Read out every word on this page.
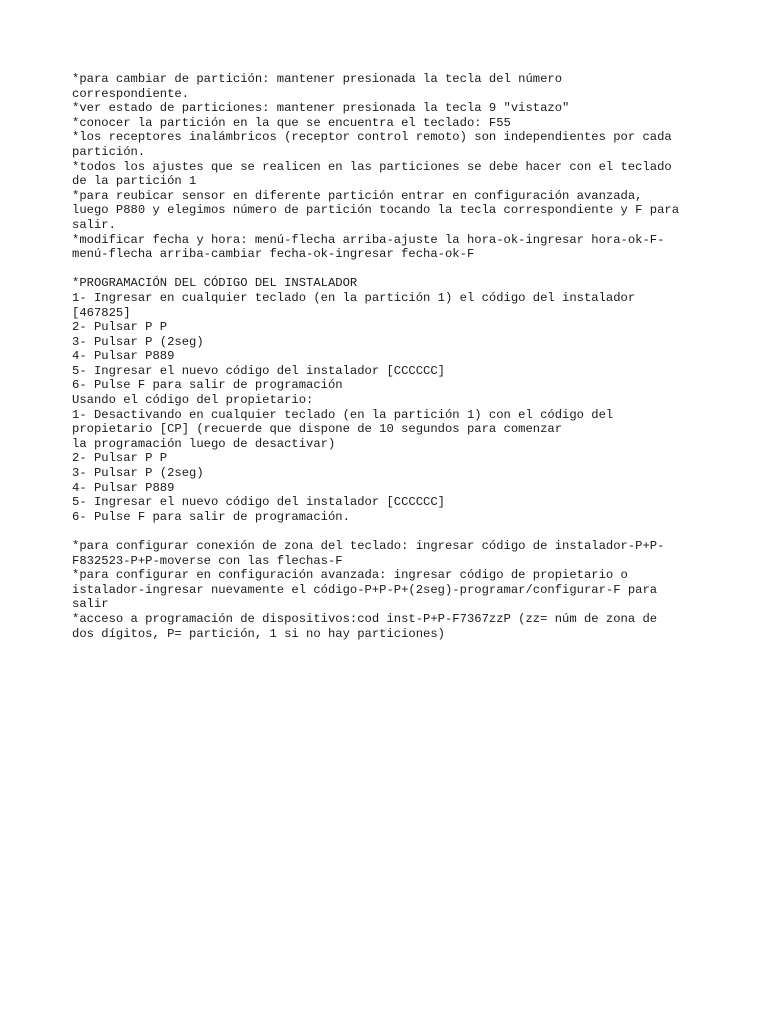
*para cambiar de partición: mantener presionada la tecla del número
correspondiente.
*ver estado de particiones: mantener presionada la tecla 9 "vistazo"
*conocer la partición en la que se encuentra el teclado: F55
*los receptores inalámbricos (receptor control remoto) son independientes por cada
partición.
*todos los ajustes que se realicen en las particiones se debe hacer con el teclado
de la partición 1
*para reubicar sensor en diferente partición entrar en configuración avanzada,
luego P880 y elegimos número de partición tocando la tecla correspondiente y F para
salir.
*modificar fecha y hora: menú-flecha arriba-ajuste la hora-ok-ingresar hora-ok-F-
menú-flecha arriba-cambiar fecha-ok-ingresar fecha-ok-F
*PROGRAMACIÓN DEL CÓDIGO DEL INSTALADOR
1- Ingresar en cualquier teclado (en la partición 1) el código del instalador
[467825]
2- Pulsar P P
3- Pulsar P (2seg)
4- Pulsar P889
5- Ingresar el nuevo código del instalador [CCCCCC]
6- Pulse F para salir de programación
Usando el código del propietario:
1- Desactivando en cualquier teclado (en la partición 1) con el código del
propietario [CP] (recuerde que dispone de 10 segundos para comenzar
la programación luego de desactivar)
2- Pulsar P P
3- Pulsar P (2seg)
4- Pulsar P889
5- Ingresar el nuevo código del instalador [CCCCCC]
6- Pulse F para salir de programación.
*para configurar conexión de zona del teclado: ingresar código de instalador-P+P-
F832523-P+P-moverse con las flechas-F
*para configurar en configuración avanzada: ingresar código de propietario o
istalador-ingresar nuevamente el código-P+P-P+(2seg)-programar/configurar-F para
salir
*acceso a programación de dispositivos:cod inst-P+P-F7367zzP (zz= núm de zona de
dos dígitos, P= partición, 1 si no hay particiones)
